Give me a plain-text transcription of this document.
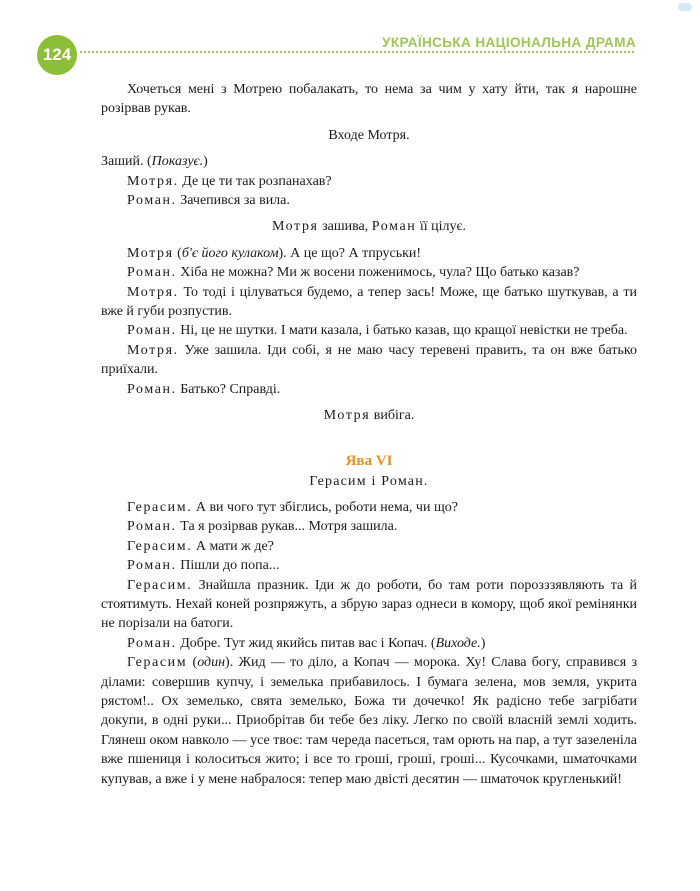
124
УКРАЇНСЬКА НАЦІОНАЛЬНА ДРАМА

Хочеться мені з Мотрею побалакать, то нема за чим у хату йти, так я нарошне розірвав рукав.

Входе Мотря.

Заший. (Показує.)

Мотря. Де це ти так розпанахав?

Роман. Зачепився за вила.

Мотря зашива, Роман її цілує.

Мотря (б'є його кулаком). А це що? А тпруськи!

Роман. Хіба не можна? Ми ж восени поженимось, чула? Що батько казав?

Мотря. То тоді і цілуваться будемо, а тепер зась! Може, ще батько шуткував, а ти вже й губи розпустив.

Роман. Ні, це не шутки. І мати казала, і батько казав, що кращої невістки не треба.

Мотря. Уже зашила. Іди собі, я не маю часу теревені править, та он вже батько приїхали.

Роман. Батько? Справді.

Мотря вибіга.

Ява VI

Герасим і Роман.

Герасим. А ви чого тут збіглись, роботи нема, чи що?

Роман. Та я розірвав рукав... Мотря зашила.

Герасим. А мати ж де?

Роман. Пішли до попа...

Герасим. Знайшла празник. Іди ж до роботи, бо там роти порозззявляють та й стоятимуть. Нехай коней розпряжуть, а збрую зараз однеси в комору, щоб якої ремінянки не порізали на батоги.

Роман. Добре. Тут жид якийсь питав вас і Копач. (Виходе.)

Герасим (один). Жид — то діло, а Копач — морока. Ху! Слава богу, справився з ділами: совершив купчу, і земелька прибавилось. І бумага зелена, мов земля, укрита рястом!.. Ох земелько, свята земелько, Божа ти дочечко! Як радісно тебе загрібати докупи, в одні руки... Приобрітав би тебе без ліку. Легко по своїй власній землі ходить. Глянеш оком навколо — усе твоє: там череда пасеться, там орють на пар, а тут зазеленіла вже пшениця і колоситься жито; і все то гроші, гроші, гроші... Кусочками, шматочками купував, а вже і у мене набралося: тепер маю двісті десятин — шматочок кругленький!
